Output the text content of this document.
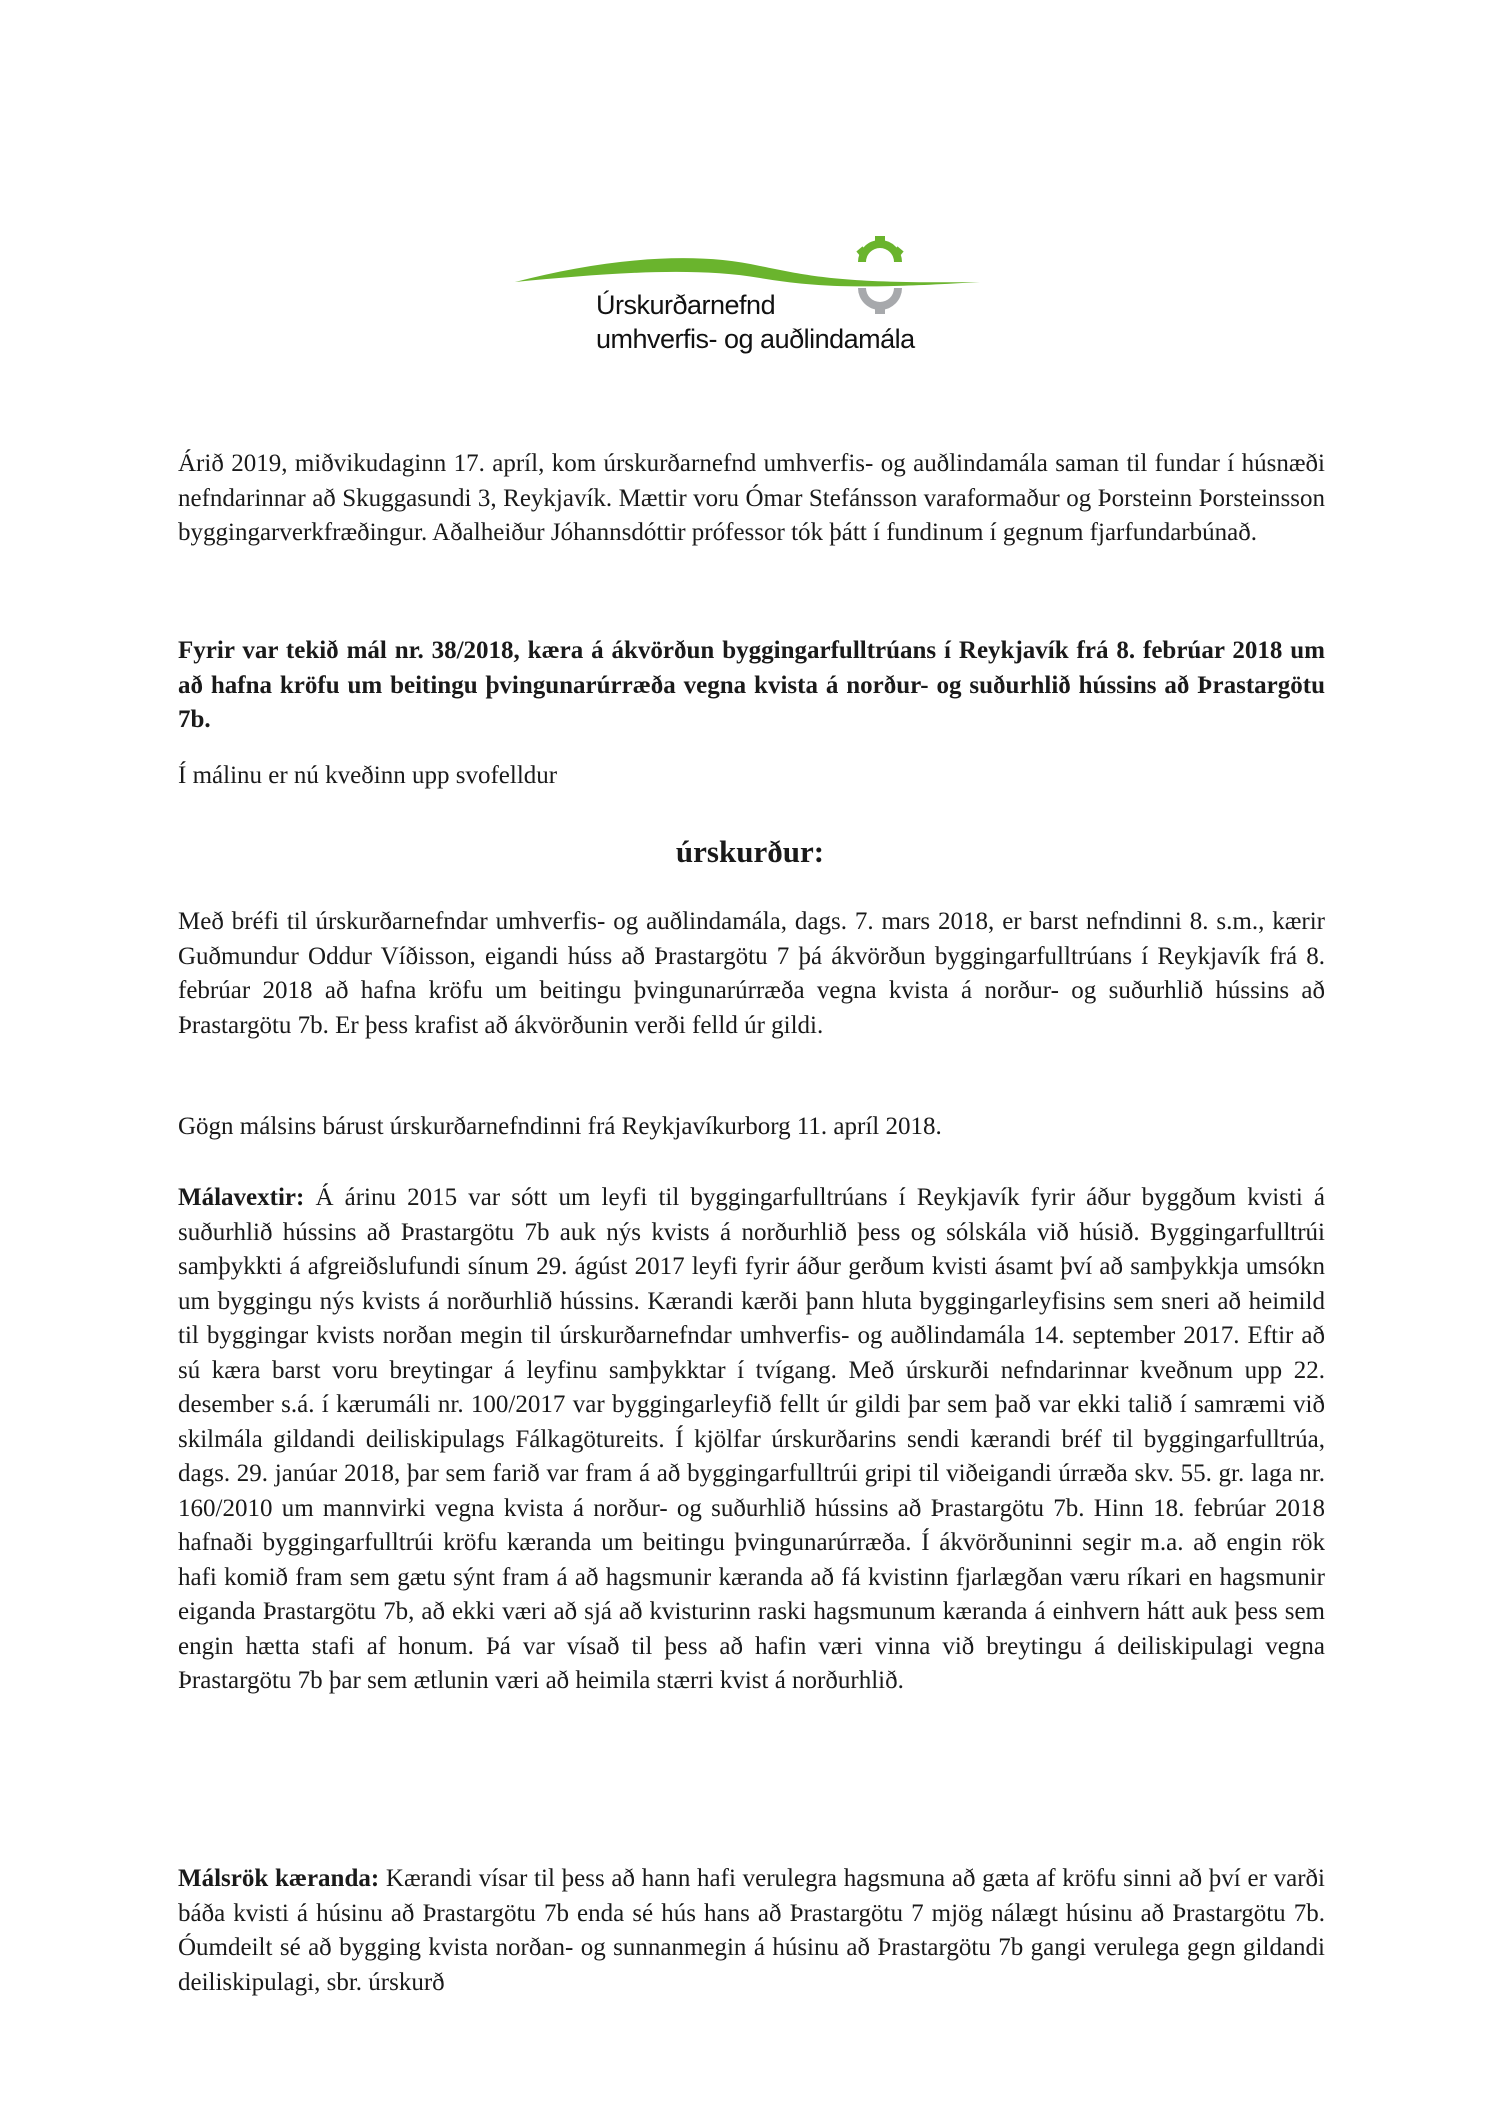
Úrskurðarnefnd
umhverfis- og auðlindamála

Árið 2019, miðvikudaginn 17. apríl, kom úrskurðarnefnd umhverfis- og auðlindamála saman til fundar í húsnæði nefndarinnar að Skuggasundi 3, Reykjavík. Mættir voru Ómar Stefánsson varaformaður og Þorsteinn Þorsteinsson byggingarverkfræðingur. Aðalheiður Jóhannsdóttir prófessor tók þátt í fundinum í gegnum fjarfundarbúnað.

Fyrir var tekið mál nr. 38/2018, kæra á ákvörðun byggingarfulltrúans í Reykjavík frá 8. febrúar 2018 um að hafna kröfu um beitingu þvingunarúrræða vegna kvista á norður- og suðurhlið hússins að Þrastargötu 7b.

Í málinu er nú kveðinn upp svofelldur

úrskurður:

Með bréfi til úrskurðarnefndar umhverfis- og auðlindamála, dags. 7. mars 2018, er barst nefndinni 8. s.m., kærir Guðmundur Oddur Víðisson, eigandi húss að Þrastargötu 7 þá ákvörðun byggingarfulltrúans í Reykjavík frá 8. febrúar 2018 að hafna kröfu um beitingu þvingunarúrræða vegna kvista á norður- og suðurhlið hússins að Þrastargötu 7b. Er þess krafist að ákvörðunin verði felld úr gildi.

Gögn málsins bárust úrskurðarnefndinni frá Reykjavíkurborg 11. apríl 2018.

Málavextir: Á árinu 2015 var sótt um leyfi til byggingarfulltrúans í Reykjavík fyrir áður byggðum kvisti á suðurhlið hússins að Þrastargötu 7b auk nýs kvists á norðurhlið þess og sólskála við húsið. Byggingarfulltrúi samþykkti á afgreiðslufundi sínum 29. ágúst 2017 leyfi fyrir áður gerðum kvisti ásamt því að samþykkja umsókn um byggingu nýs kvists á norðurhlið hússins. Kærandi kærði þann hluta byggingarleyfisins sem sneri að heimild til byggingar kvists norðan megin til úrskurðarnefndar umhverfis- og auðlindamála 14. september 2017. Eftir að sú kæra barst voru breytingar á leyfinu samþykktar í tvígang. Með úrskurði nefndarinnar kveðnum upp 22. desember s.á. í kærumáli nr. 100/2017 var byggingarleyfið fellt úr gildi þar sem það var ekki talið í samræmi við skilmála gildandi deiliskipulags Fálkagötureits. Í kjölfar úrskurðarins sendi kærandi bréf til byggingarfulltrúa, dags. 29. janúar 2018, þar sem farið var fram á að byggingarfulltrúi gripi til viðeigandi úrræða skv. 55. gr. laga nr. 160/2010 um mannvirki vegna kvista á norður- og suðurhlið hússins að Þrastargötu 7b. Hinn 18. febrúar 2018 hafnaði byggingarfulltrúi kröfu kæranda um beitingu þvingunarúrræða. Í ákvörðuninni segir m.a. að engin rök hafi komið fram sem gætu sýnt fram á að hagsmunir kæranda að fá kvistinn fjarlægðan væru ríkari en hagsmunir eiganda Þrastargötu 7b, að ekki væri að sjá að kvisturinn raski hagsmunum kæranda á einhvern hátt auk þess sem engin hætta stafi af honum. Þá var vísað til þess að hafin væri vinna við breytingu á deiliskipulagi vegna Þrastargötu 7b þar sem ætlunin væri að heimila stærri kvist á norðurhlið.

Málsrök kæranda: Kærandi vísar til þess að hann hafi verulegra hagsmuna að gæta af kröfu sinni að því er varði báða kvisti á húsinu að Þrastargötu 7b enda sé hús hans að Þrastargötu 7 mjög nálægt húsinu að Þrastargötu 7b. Óumdeilt sé að bygging kvista norðan- og sunnanmegin á húsinu að Þrastargötu 7b gangi verulega gegn gildandi deiliskipulagi, sbr. úrskurð
